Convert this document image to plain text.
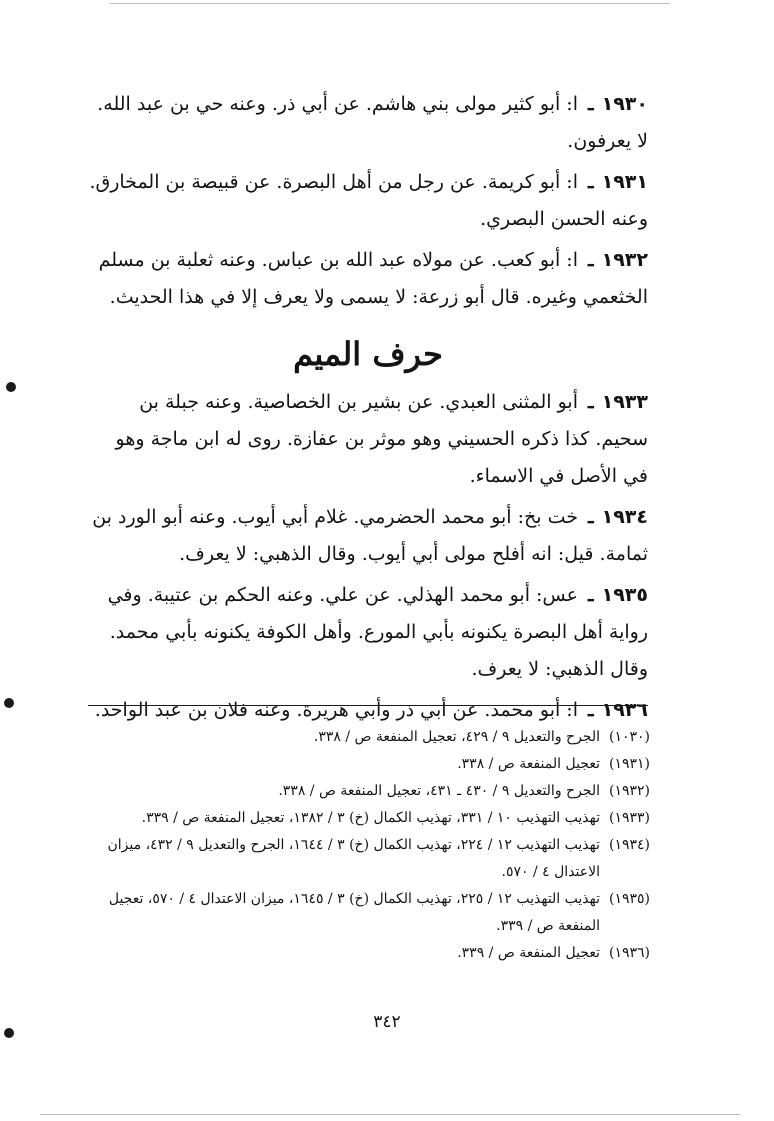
١٩٣٠ـ ا: أبو كثير مولى بني هاشم. عن أبي ذر. وعنه حي بن عبد الله. لا يعرفون.

١٩٣١ـ ا: أبو كريمة. عن رجل من أهل البصرة. عن قبيصة بن المخارق. وعنه الحسن البصري.

١٩٣٢ـ ا: أبو كعب. عن مولاه عبد الله بن عباس. وعنه ثعلبة بن مسلم الخثعمي وغيره. قال أبو زرعة: لا يسمى ولا يعرف إلا في هذا الحديث.

حرف الميم

١٩٣٣ـ أبو المثنى العبدي. عن بشير بن الخصاصية. وعنه جبلة بن سحيم. كذا ذكره الحسيني وهو موثر بن عفازة. روى له ابن ماجة وهو في الأصل في الاسماء.

١٩٣٤ـ خت بخ: أبو محمد الحضرمي. غلام أبي أيوب. وعنه أبو الورد بن ثمامة. قيل: انه أفلح مولى أبي أيوب. وقال الذهبي: لا يعرف.

١٩٣٥ـ عس: أبو محمد الهذلي. عن علي. وعنه الحكم بن عتيبة. وفي رواية أهل البصرة يكنونه بأبي المورع. وأهل الكوفة يكنونه بأبي محمد. وقال الذهبي: لا يعرف.

١٩٣٦ـ ا: أبو محمد. عن أبي ذر وأبي هريرة. وعنه فلان بن عبد الواحد.

(١٠٣٠)
الجرح والتعديل ٩ / ٤٢٩، تعجيل المنفعة ص / ٣٣٨.
(١٩٣١)
تعجيل المنفعة ص / ٣٣٨.
(١٩٣٢)
الجرح والتعديل ٩ / ٤٣٠ ـ ٤٣١، تعجيل المنفعة ص / ٣٣٨.
(١٩٣٣)
تهذيب التهذيب ١٠ / ٣٣١، تهذيب الكمال (خ) ٣ / ١٣٨٢، تعجيل المنفعة ص / ٣٣٩.
(١٩٣٤)
تهذيب التهذيب ١٢ / ٢٢٤، تهذيب الكمال (خ) ٣ / ١٦٤٤، الجرح والتعديل ٩ / ٤٣٢، ميزان الاعتدال ٤ / ٥٧٠.
(١٩٣٥)
تهذيب التهذيب ١٢ / ٢٢٥، تهذيب الكمال (خ) ٣ / ١٦٤٥، ميزان الاعتدال ٤ / ٥٧٠، تعجيل المنفعة ص / ٣٣٩.
(١٩٣٦)
تعجيل المنفعة ص / ٣٣٩.
٣٤٢
